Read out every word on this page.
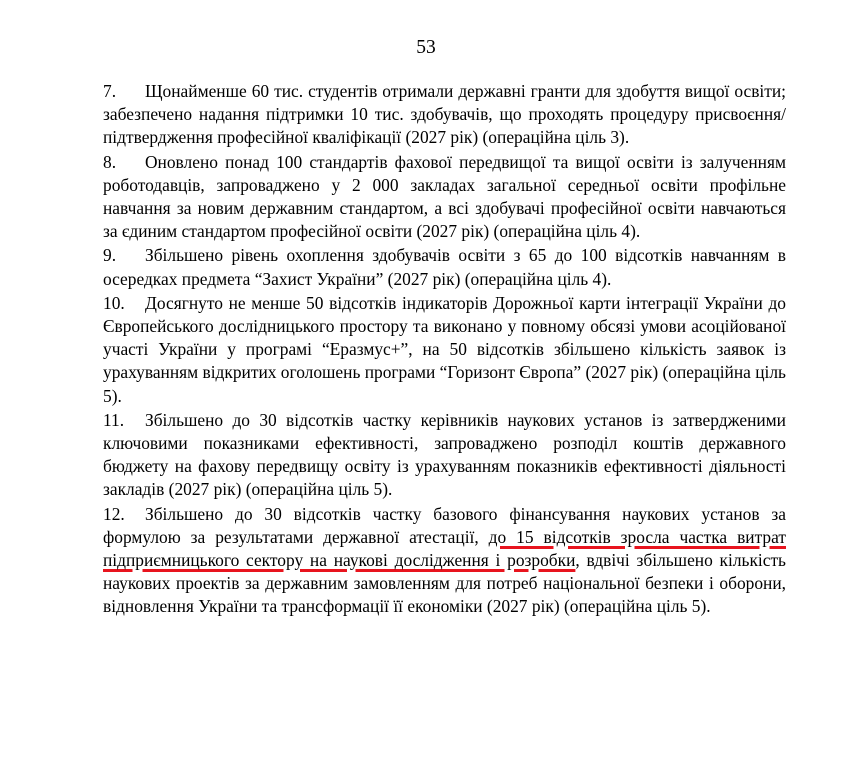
53

7. Щонайменше 60 тис. студентів отримали державні гранти для здобуття вищої освіти; забезпечено надання підтримки 10 тис. здобувачів, що проходять процедуру присвоєння/підтвердження професійної кваліфікації (2027 рік) (операційна ціль 3).

8. Оновлено понад 100 стандартів фахової передвищої та вищої освіти із залученням роботодавців, запроваджено у 2 000 закладах загальної середньої освіти профільне навчання за новим державним стандартом, а всі здобувачі професійної освіти навчаються за єдиним стандартом професійної освіти (2027 рік) (операційна ціль 4).

9. Збільшено рівень охоплення здобувачів освіти з 65 до 100 відсотків навчанням в осередках предмета “Захист України” (2027 рік) (операційна ціль 4).

10. Досягнуто не менше 50 відсотків індикаторів Дорожньої карти інтеграції України до Європейського дослідницького простору та виконано у повному обсязі умови асоційованої участі України у програмі “Еразмус+”, на 50 відсотків збільшено кількість заявок із урахуванням відкритих оголошень програми “Горизонт Європа” (2027 рік) (операційна ціль 5).

11. Збільшено до 30 відсотків частку керівників наукових установ із затвердженими ключовими показниками ефективності, запроваджено розподіл коштів державного бюджету на фахову передвищу освіту із урахуванням показників ефективності діяльності закладів (2027 рік) (операційна ціль 5).

12. Збільшено до 30 відсотків частку базового фінансування наукових установ за формулою за результатами державної атестації, до 15 відсотків зросла частка витрат підприємницького сектору на наукові дослідження і розробки, вдвічі збільшено кількість наукових проектів за державним замовленням для потреб національної безпеки і оборони, відновлення України та трансформації її економіки (2027 рік) (операційна ціль 5).
